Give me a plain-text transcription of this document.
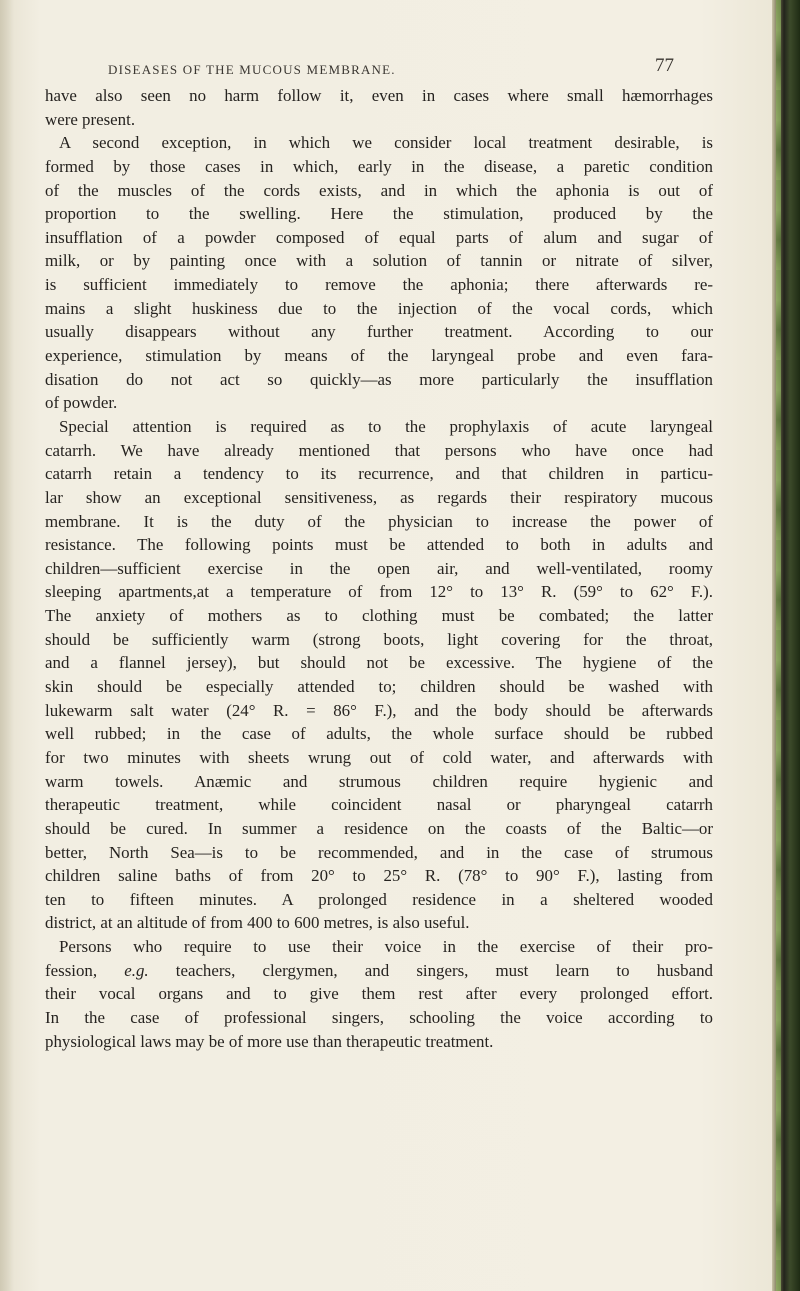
DISEASES OF THE MUCOUS MEMBRANE.	77
have also seen no harm follow it, even in cases where small hæmorrhages
were present.
A second exception, in which we consider local treatment desirable, is
formed by those cases in which, early in the disease, a paretic condition
of the muscles of the cords exists, and in which the aphonia is out of
proportion to the swelling. Here the stimulation, produced by the
insufflation of a powder composed of equal parts of alum and sugar of
milk, or by painting once with a solution of tannin or nitrate of silver,
is sufficient immediately to remove the aphonia; there afterwards re-
mains a slight huskiness due to the injection of the vocal cords, which
usually disappears without any further treatment. According to our
experience, stimulation by means of the laryngeal probe and even fara-
disation do not act so quickly—as more particularly the insufflation
of powder.
Special attention is required as to the prophylaxis of acute laryngeal
catarrh. We have already mentioned that persons who have once had
catarrh retain a tendency to its recurrence, and that children in particu-
lar show an exceptional sensitiveness, as regards their respiratory mucous
membrane. It is the duty of the physician to increase the power of
resistance. The following points must be attended to both in adults and
children—sufficient exercise in the open air, and well-ventilated, roomy
sleeping apartments,at a temperature of from 12° to 13° R. (59° to 62° F.).
The anxiety of mothers as to clothing must be combated; the latter
should be sufficiently warm (strong boots, light covering for the throat,
and a flannel jersey), but should not be excessive. The hygiene of the
skin should be especially attended to; children should be washed with
lukewarm salt water (24° R. = 86° F.), and the body should be afterwards
well rubbed; in the case of adults, the whole surface should be rubbed
for two minutes with sheets wrung out of cold water, and afterwards with
warm towels. Anæmic and strumous children require hygienic and
therapeutic treatment, while coincident nasal or pharyngeal catarrh
should be cured. In summer a residence on the coasts of the Baltic—or
better, North Sea—is to be recommended, and in the case of strumous
children saline baths of from 20° to 25° R. (78° to 90° F.), lasting from
ten to fifteen minutes. A prolonged residence in a sheltered wooded
district, at an altitude of from 400 to 600 metres, is also useful.
Persons who require to use their voice in the exercise of their pro-
fession, e.g. teachers, clergymen, and singers, must learn to husband
their vocal organs and to give them rest after every prolonged effort.
In the case of professional singers, schooling the voice according to
physiological laws may be of more use than therapeutic treatment.
